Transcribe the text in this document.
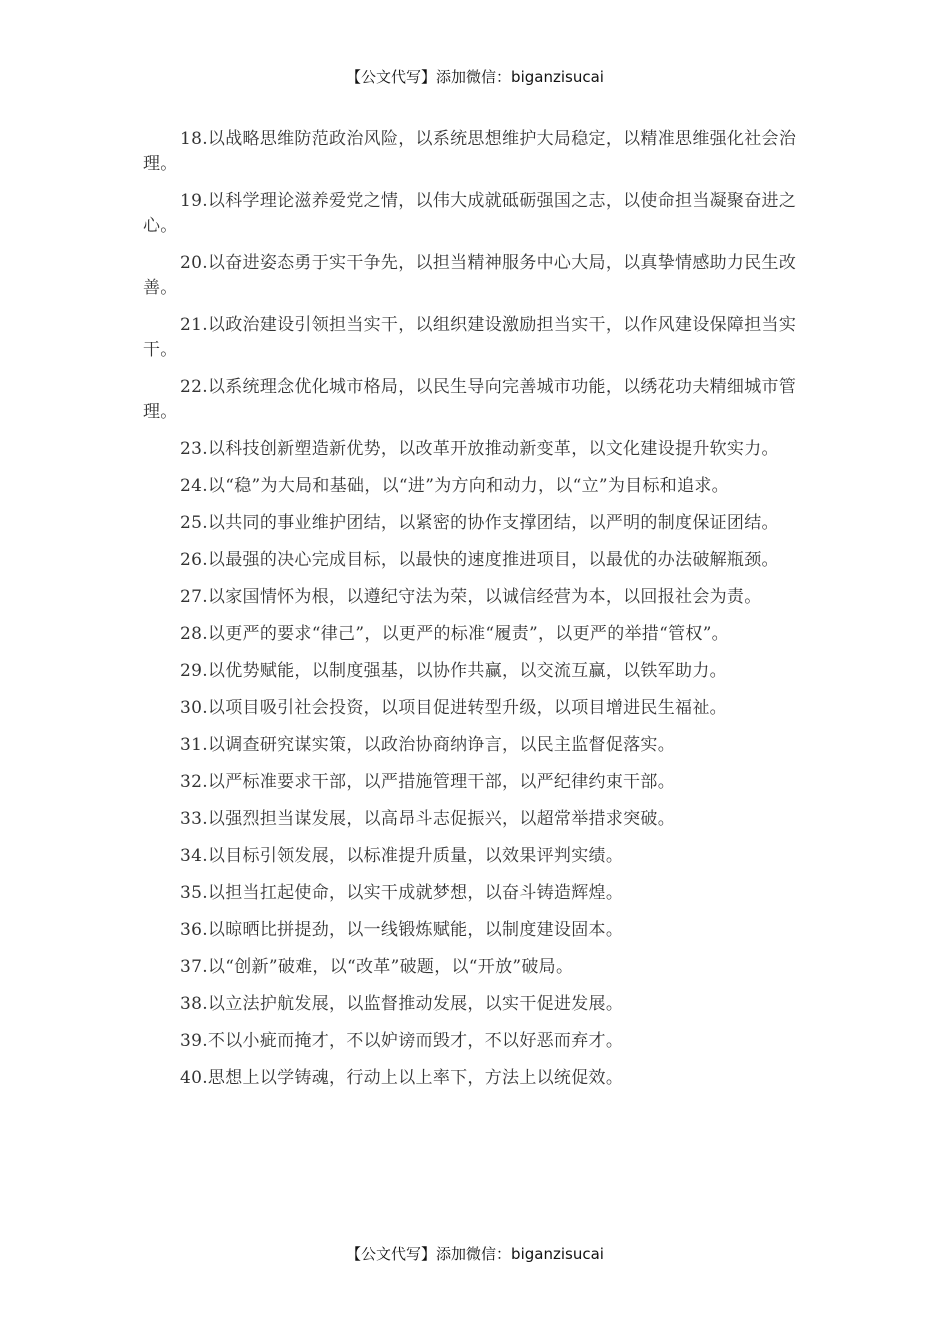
【公文代写】添加微信：biganzisucai

18.以战略思维防范政治风险，以系统思想维护大局稳定，以精准思维强化社会治理。

19.以科学理论滋养爱党之情，以伟大成就砥砺强国之志，以使命担当凝聚奋进之心。

20.以奋进姿态勇于实干争先，以担当精神服务中心大局，以真挚情感助力民生改善。

21.以政治建设引领担当实干，以组织建设激励担当实干，以作风建设保障担当实干。

22.以系统理念优化城市格局，以民生导向完善城市功能，以绣花功夫精细城市管理。

23.以科技创新塑造新优势，以改革开放推动新变革，以文化建设提升软实力。

24.以“稳”为大局和基础，以“进”为方向和动力，以“立”为目标和追求。

25.以共同的事业维护团结，以紧密的协作支撑团结，以严明的制度保证团结。

26.以最强的决心完成目标，以最快的速度推进项目，以最优的办法破解瓶颈。

27.以家国情怀为根，以遵纪守法为荣，以诚信经营为本，以回报社会为责。

28.以更严的要求“律己”，以更严的标准“履责”，以更严的举措“管权”。

29.以优势赋能，以制度强基，以协作共赢，以交流互赢，以铁军助力。

30.以项目吸引社会投资，以项目促进转型升级，以项目增进民生福祉。

31.以调查研究谋实策，以政治协商纳诤言，以民主监督促落实。

32.以严标准要求干部，以严措施管理干部，以严纪律约束干部。

33.以强烈担当谋发展，以高昂斗志促振兴，以超常举措求突破。

34.以目标引领发展，以标准提升质量，以效果评判实绩。

35.以担当扛起使命，以实干成就梦想，以奋斗铸造辉煌。

36.以晾晒比拼提劲，以一线锻炼赋能，以制度建设固本。

37.以“创新”破难，以“改革”破题，以“开放”破局。

38.以立法护航发展，以监督推动发展，以实干促进发展。

39.不以小疵而掩才，不以妒谤而毁才，不以好恶而弃才。

40.思想上以学铸魂，行动上以上率下，方法上以统促效。

【公文代写】添加微信：biganzisucai
